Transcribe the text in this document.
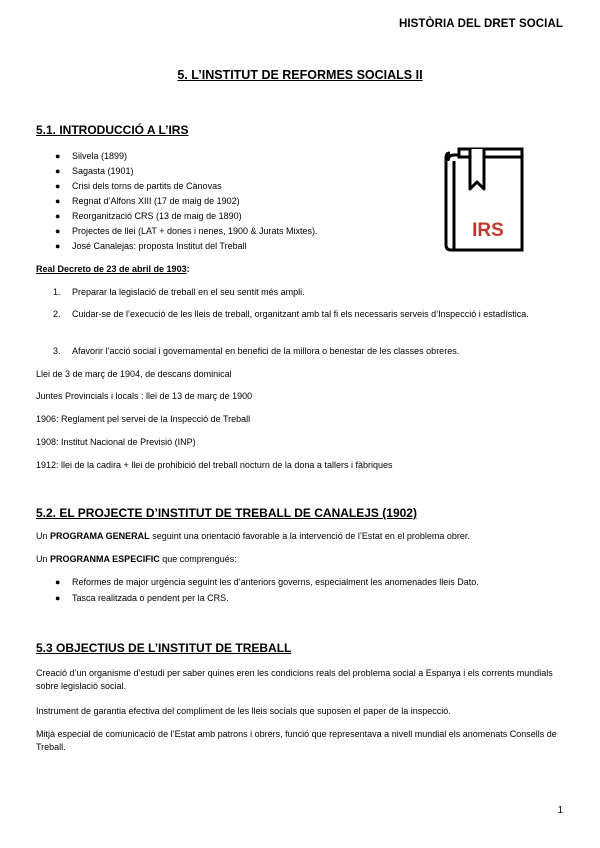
HISTÒRIA DEL DRET SOCIAL
5. L’INSTITUT DE REFORMES SOCIALS II
5.1. INTRODUCCIÓ A L’IRS
● Silvela (1899)
● Sagasta (1901)
● Crisi dels torns de partits de Cànovas
● Regnat d’Alfons XIII (17 de maig de 1902)
● Reorganització CRS (13 de maig de 1890)
● Projectes de llei (LAT + dones i nenes, 1900 & Jurats Mixtes).
● José Canalejas: proposta Institut del Treball
IRS
Real Decreto de 23 de abril de 1903:
1. Preparar la legislació de treball en el seu sentit més ampli.
2. Cuidar-se de l’execució de les lleis de treball, organitzant amb tal fi els necessaris serveis d’Inspecció i estadística.
3. Afavorir l’acció social i governamental en benefici de la millora o benestar de les classes obreres.
Llei de 3 de març de 1904, de descans dominical
Juntes Provincials i locals : llei de 13 de març de 1900
1906: Reglament pel servei de la Inspecció de Treball
1908: Institut Nacional de Previsió (INP)
1912: llei de la cadira + llei de prohibició del treball nocturn de la dona a tallers i fàbriques
5.2. EL PROJECTE D’INSTITUT DE TREBALL DE CANALEJS (1902)
Un PROGRAMA GENERAL seguint una orientació favorable a la intervenció de l’Estat en el problema obrer.
Un PROGRANMA ESPECIFIC que comprengués:
● Reformes de major urgència seguint les d’anteriors governs, especialment les anomenades lleis Dato.
● Tasca realitzada o pendent per la CRS.
5.3 OBJECTIUS DE L’INSTITUT DE TREBALL
Creació d’un organisme d’estudi per saber quines eren les condicions reals del problema social a Espanya i els corrents mundials sobre legislació social.
Instrument de garantia efectiva del compliment de les lleis socials que suposen el paper de la inspecció.
Mitjà especial de comunicació de l’Estat amb patrons i obrers, funció que representava a nivell mundial els anomenats Consells de Treball.
1
